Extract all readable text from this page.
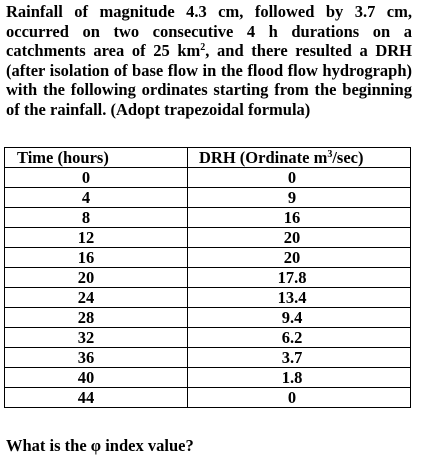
Rainfall of magnitude 4.3 cm, followed by 3.7 cm, occurred on two consecutive 4 h durations on a catchments area of 25 $km^2$, and there resulted a DRH (after isolation of base flow in the flood flow hydrograph) with the following ordinates starting from the beginning of the rainfall. (Adopt trapezoidal formula)

Time (hours)	DRH (Ordinate $m^3/\sec$)
0	0
4	9
8	16
12	20
16	20
20	17.8
24	13.4
28	9.4
32	6.2
36	3.7
40	1.8
44	0

What is the φ index value?
